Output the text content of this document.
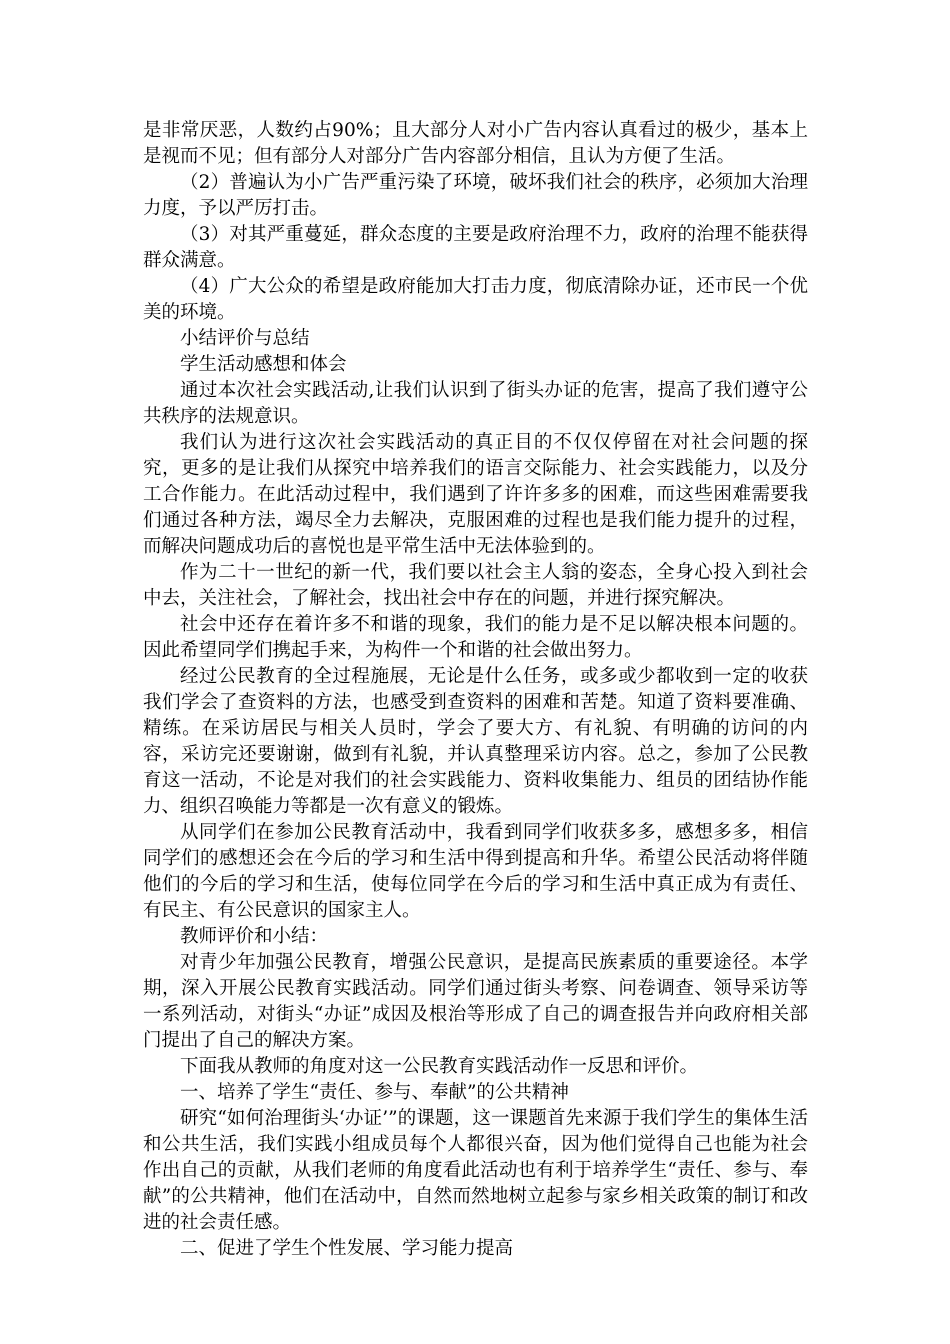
是非常厌恶，人数约占90%；且大部分人对小广告内容认真看过的极少，基本上是视而不见；但有部分人对部分广告内容部分相信，且认为方便了生活。

（2）普遍认为小广告严重污染了环境，破坏我们社会的秩序，必须加大治理力度，予以严厉打击。

（3）对其严重蔓延，群众态度的主要是政府治理不力，政府的治理不能获得群众满意。

（4）广大公众的希望是政府能加大打击力度，彻底清除办证，还市民一个优美的环境。

小结评价与总结

学生活动感想和体会

通过本次社会实践活动,让我们认识到了街头办证的危害，提高了我们遵守公共秩序的法规意识。

我们认为进行这次社会实践活动的真正目的不仅仅停留在对社会问题的探究，更多的是让我们从探究中培养我们的语言交际能力、社会实践能力，以及分工合作能力。在此活动过程中，我们遇到了许许多多的困难，而这些困难需要我们通过各种方法，竭尽全力去解决，克服困难的过程也是我们能力提升的过程，而解决问题成功后的喜悦也是平常生活中无法体验到的。

作为二十一世纪的新一代，我们要以社会主人翁的姿态，全身心投入到社会中去，关注社会，了解社会，找出社会中存在的问题，并进行探究解决。

社会中还存在着许多不和谐的现象，我们的能力是不足以解决根本问题的。因此希望同学们携起手来，为构件一个和谐的社会做出努力。

经过公民教育的全过程施展，无论是什么任务，或多或少都收到一定的收获我们学会了查资料的方法，也感受到查资料的困难和苦楚。知道了资料要准确、精练。在采访居民与相关人员时，学会了要大方、有礼貌、有明确的访问的内容，采访完还要谢谢，做到有礼貌，并认真整理采访内容。总之，参加了公民教育这一活动，不论是对我们的社会实践能力、资料收集能力、组员的团结协作能力、组织召唤能力等都是一次有意义的锻炼。

从同学们在参加公民教育活动中，我看到同学们收获多多，感想多多，相信同学们的感想还会在今后的学习和生活中得到提高和升华。希望公民活动将伴随他们的今后的学习和生活，使每位同学在今后的学习和生活中真正成为有责任、有民主、有公民意识的国家主人。

教师评价和小结：

对青少年加强公民教育，增强公民意识，是提高民族素质的重要途径。本学期，深入开展公民教育实践活动。同学们通过街头考察、问卷调查、领导采访等一系列活动，对街头“办证”成因及根治等形成了自己的调查报告并向政府相关部门提出了自己的解决方案。

下面我从教师的角度对这一公民教育实践活动作一反思和评价。

一、培养了学生“责任、参与、奉献”的公共精神

研究“如何治理街头‘办证’”的课题，这一课题首先来源于我们学生的集体生活和公共生活，我们实践小组成员每个人都很兴奋，因为他们觉得自己也能为社会作出自己的贡献，从我们老师的角度看此活动也有利于培养学生“责任、参与、奉献”的公共精神，他们在活动中，自然而然地树立起参与家乡相关政策的制订和改进的社会责任感。

二、促进了学生个性发展、学习能力提高
